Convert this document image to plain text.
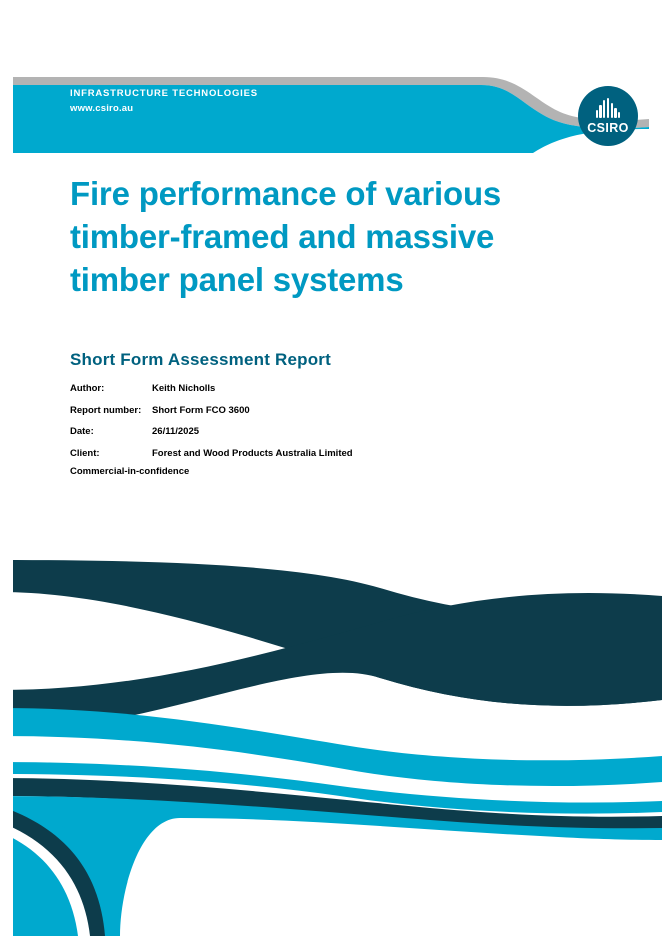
INFRASTRUCTURE TECHNOLOGIES
www.csiro.au
CSIRO
Fire performance of various timber-framed and massive timber panel systems
Short Form Assessment Report
Author:	Keith Nicholls
Report number:	Short Form FCO 3600
Date:	26/11/2025
Client:	Forest and Wood Products Australia Limited
Commercial-in-confidence
